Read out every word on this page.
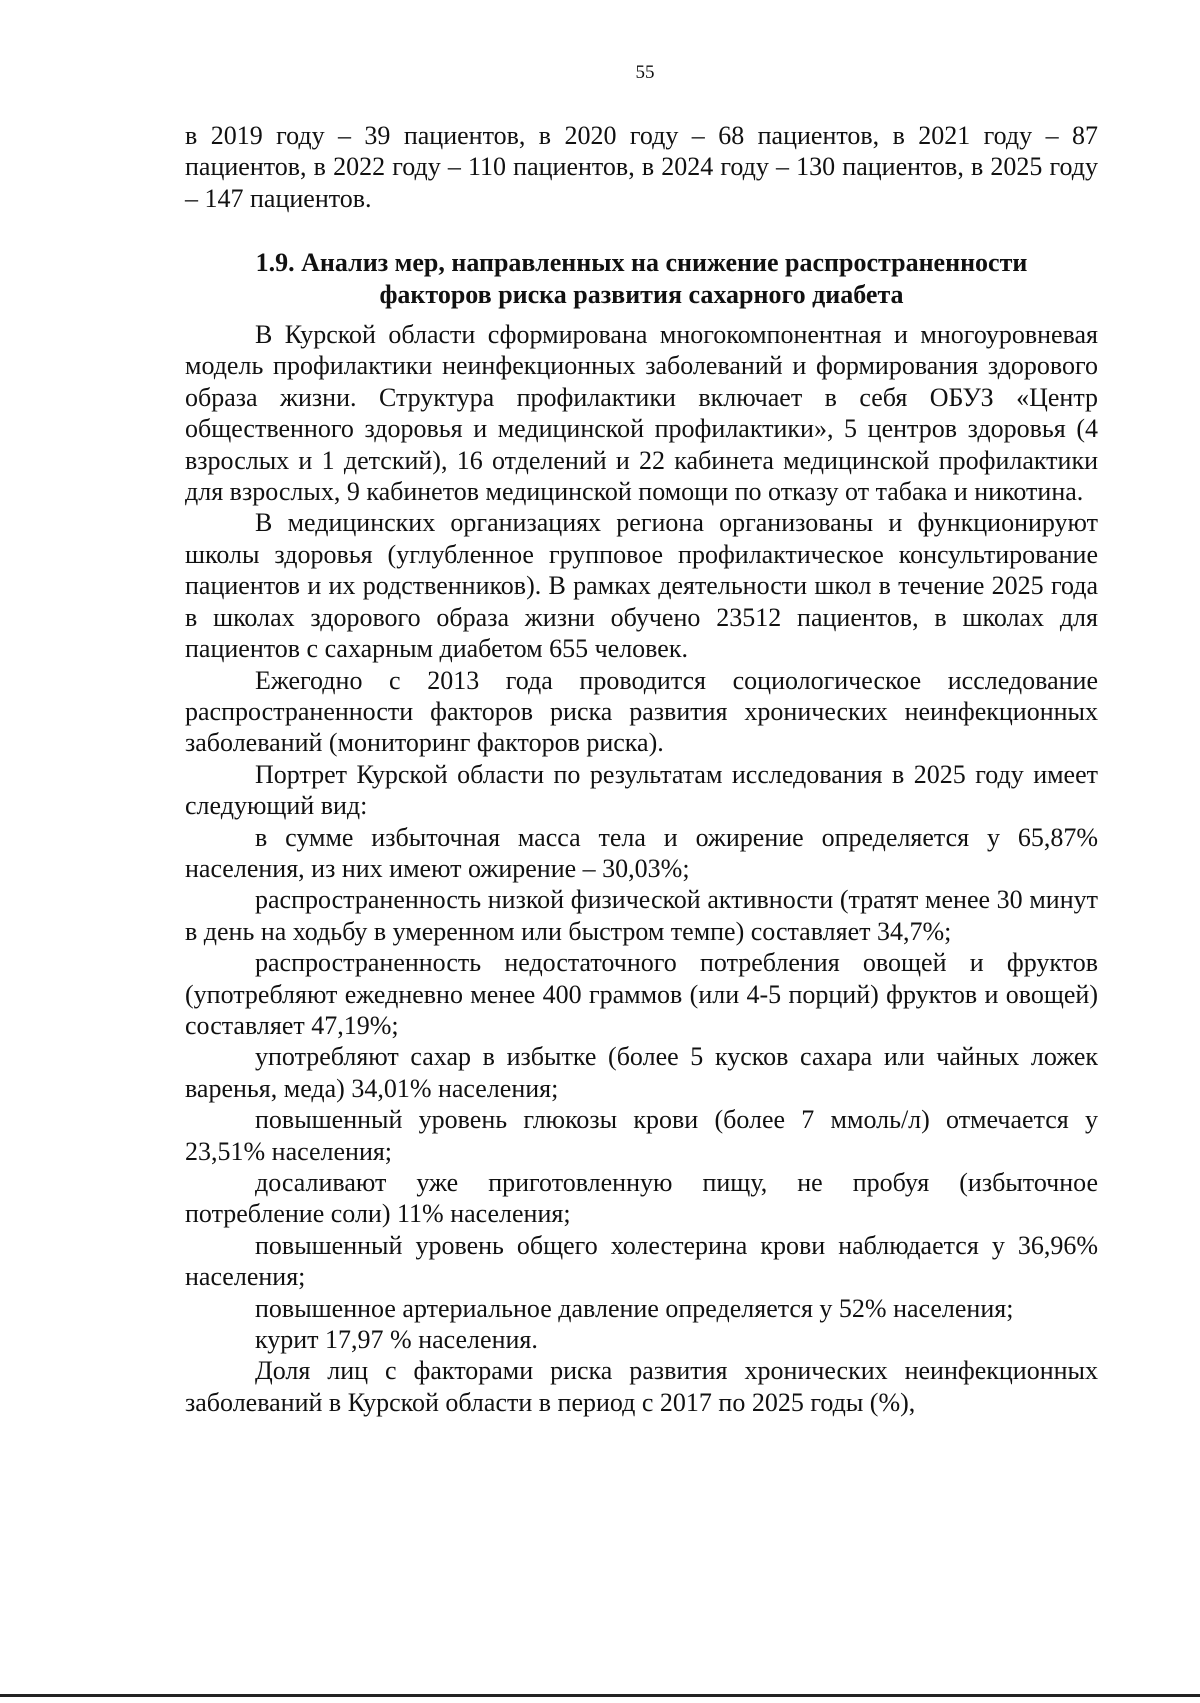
55

в 2019 году – 39 пациентов, в 2020 году – 68 пациентов, в 2021 году – 87 пациентов, в 2022 году – 110 пациентов, в 2024 году – 130 пациентов, в 2025 году – 147 пациентов.

1.9. Анализ мер, направленных на снижение распространенности
факторов риска развития сахарного диабета

В Курской области сформирована многокомпонентная и многоуровневая модель профилактики неинфекционных заболеваний и формирования здорового образа жизни. Структура профилактики включает в себя ОБУЗ «Центр общественного здоровья и медицинской профилактики», 5 центров здоровья (4 взрослых и 1 детский), 16 отделений и 22 кабинета медицинской профилактики для взрослых, 9 кабинетов медицинской помощи по отказу от табака и никотина.

В медицинских организациях региона организованы и функционируют школы здоровья (углубленное групповое профилактическое консультирование пациентов и их родственников). В рамках деятельности школ в течение 2025 года в школах здорового образа жизни обучено 23512 пациентов, в школах для пациентов с сахарным диабетом 655 человек.

Ежегодно с 2013 года проводится социологическое исследование распространенности факторов риска развития хронических неинфекционных заболеваний (мониторинг факторов риска).

Портрет Курской области по результатам исследования в 2025 году имеет следующий вид:

в сумме избыточная масса тела и ожирение определяется у 65,87% населения, из них имеют ожирение – 30,03%;

распространенность низкой физической активности (тратят менее 30 минут в день на ходьбу в умеренном или быстром темпе) составляет 34,7%;

распространенность недостаточного потребления овощей и фруктов (употребляют ежедневно менее 400 граммов (или 4-5 порций) фруктов и овощей) составляет 47,19%;

употребляют сахар в избытке (более 5 кусков сахара или чайных ложек варенья, меда) 34,01% населения;

повышенный уровень глюкозы крови (более 7 ммоль/л) отмечается у 23,51% населения;

досаливают уже приготовленную пищу, не пробуя (избыточное потребление соли) 11% населения;

повышенный уровень общего холестерина крови наблюдается у 36,96% населения;

повышенное артериальное давление определяется у 52% населения;

курит 17,97 % населения.

Доля лиц с факторами риска развития хронических неинфекционных заболеваний в Курской области в период с 2017 по 2025 годы (%),
